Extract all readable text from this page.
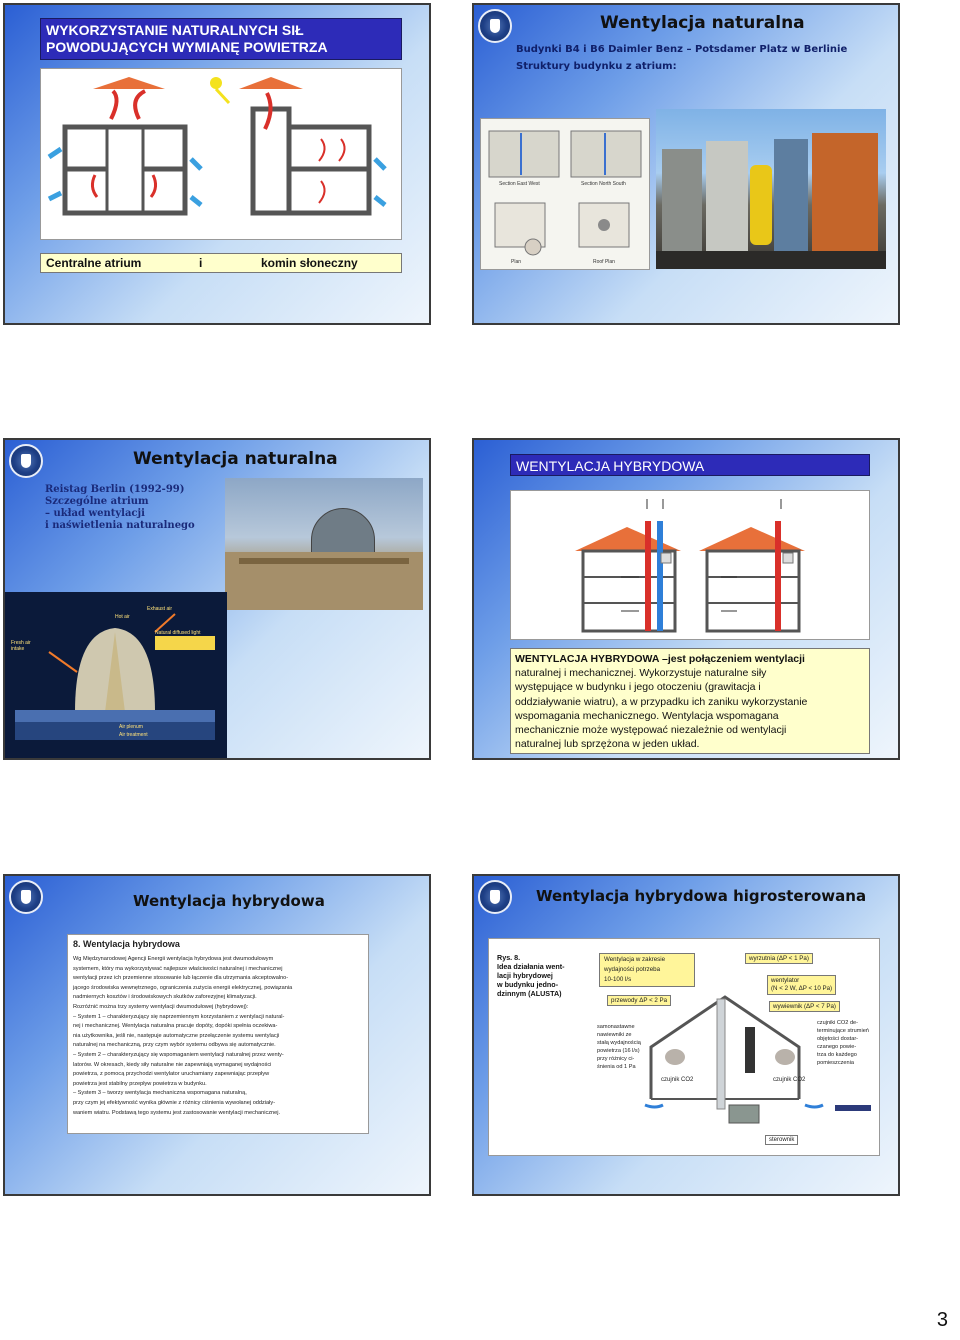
WYKORZYSTANIE NATURALNYCH SIŁ
POWODUJĄCYCH WYMIANĘ POWIETRZA
Centralne atrium	i	komin słoneczny
Wentylacja naturalna
Budynki B4 i B6 Daimler Benz – Potsdamer Platz w Berlinie
Struktury budynku z atrium:
Section East West	Section North South
Plan	Roof Plan
Wentylacja naturalna
Reistag Berlin (1992-99)
Szczególne atrium
– układ wentylacji
i naświetlenia naturalnego
Exhaust air
Hot air
Fresh air intake
Natural diffused light
Air plenum
Air treatment
WENTYLACJA HYBRYDOWA
WENTYLACJA HYBRYDOWA –jest połączeniem wentylacji
naturalnej i mechanicznej. Wykorzystuje naturalne siły
występujące w budynku i jego otoczeniu (grawitacja i
oddziaływanie wiatru), a w przypadku ich zaniku wykorzystanie
wspomagania mechanicznego. Wentylacja wspomagana
mechanicznie może występować niezależnie od wentylacji
naturalnej lub sprzężona w jeden układ.
Wentylacja hybrydowa
8. Wentylacja hybrydowa
Wg Międzynarodowej Agencji Energii wentylacja hybrydowa jest dwumodułowym
systemem, który ma wykorzystywać najlepsze właściwości naturalnej i mechanicznej
wentylacji przez ich przemienne stosowanie lub łączenie dla utrzymania akceptowalno-
jącego środowiska wewnętrznego, ograniczenia zużycia energii elektrycznej, powiązania
nadmiernych kosztów i środowiskowych skutków zaforezyjnej klimatyzacji.
Rozróżnić można trzy systemy wentylacji dwumodułowej (hybrydowej):
– System 1 – charakteryzujący się naprzemiennym korzystaniem z wentylacji natural-
nej i mechanicznej. Wentylacja naturalna pracuje dopóty, dopóki spełnia oczekiwa-
nia użytkownika, jeśli nie, następuje automatyczne przełączenie systemu wentylacji
naturalnej na mechaniczną, przy czym wybór systemu odbywa się automatycznie.
– System 2 – charakteryzujący się wspomaganiem wentylacji naturalnej przez wenty-
latorów. W okresach, kiedy siły naturalne nie zapewniają wymaganej wydajności
powietrza, z pomocą przychodzi wentylator uruchamiany zapewniając przepływ
powietrza jest stabilny przepływ powietrza w budynku.
– System 3 – tworzy wentylacja mechaniczna wspomagana naturalną,
przy czym jej efektywność wynika głównie z różnicy ciśnienia wywołanej oddziały-
waniem wiatru. Podstawą tego systemu jest zastosowanie wentylacji mechanicznej.
Wentylacja hybrydowa higrosterowana
Rys. 8.
Idea działania went-
lacji hybrydowej
w budynku jedno-
dzinnym (ALUSTA)
Wentylacja w zakresie
wydajności potrzeba
10-100 l/s
przewody ΔP < 2 Pa
wyrzutnia (ΔP < 1 Pa)
wentylator
(N < 2 W, ΔP < 10 Pa)
wywiewnik (ΔP < 7 Pa)
samonastawne
nawiewniki ze
stałą wydajnością
powietrza (16 l/s)
przy różnicy ci-
śnienia od 1 Pa
czujniki CO2 de-
terminujące strumień
objętości dostar-
czanego powie-
trza do każdego
pomieszczenia
czujnik CO2	czujnik CO2
sterownik
3
